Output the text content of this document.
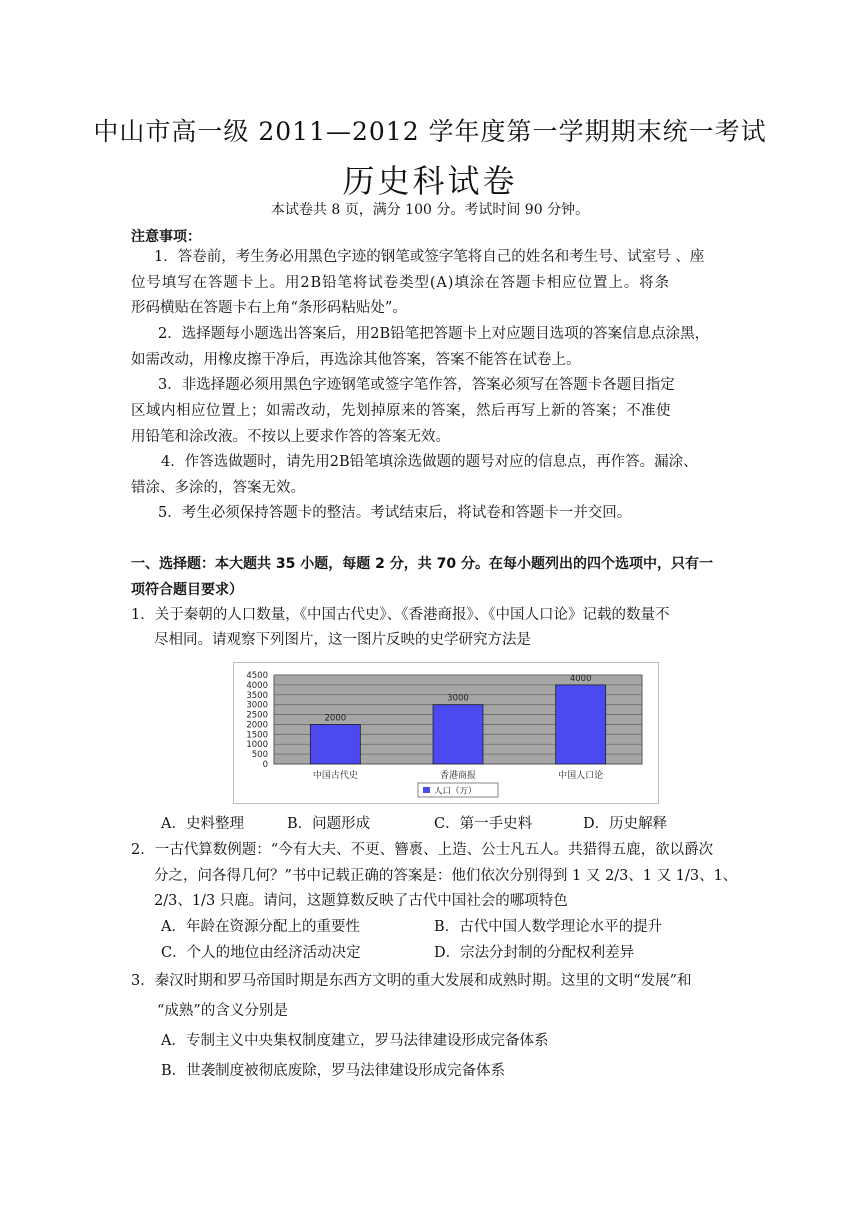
中山市高一级 2011—2012 学年度第一学期期末统一考试
历史科试卷
本试卷共 8 页，满分 100 分。考试时间 90 分钟。
注意事项：
1．答卷前，考生务必用黑色字迹的钢笔或签字笔将自己的姓名和考生号、试室号 、座
位号填写在答题卡上。用2B铅笔将试卷类型(A)填涂在答题卡相应位置上。将条
形码横贴在答题卡右上角“条形码粘贴处”。
2．选择题每小题选出答案后，用2B铅笔把答题卡上对应题目选项的答案信息点涂黑，
如需改动，用橡皮擦干净后，再选涂其他答案，答案不能答在试卷上。
3．非选择题必须用黑色字迹钢笔或签字笔作答，答案必须写在答题卡各题目指定
区域内相应位置上；如需改动，先划掉原来的答案，然后再写上新的答案；不准使
用铅笔和涂改液。不按以上要求作答的答案无效。
4．作答选做题时，请先用2B铅笔填涂选做题的题号对应的信息点，再作答。漏涂、
错涂、多涂的，答案无效。
5．考生必须保持答题卡的整洁。考试结束后，将试卷和答题卡一并交回。
一、选择题：本大题共 35 小题，每题 2 分，共 70 分。在每小题列出的四个选项中，只有一
项符合题目要求）
1．关于秦朝的人口数量，《中国古代史》、《香港商报》、《中国人口论》记载的数量不
尽相同。请观察下列图片，这一图片反映的史学研究方法是
0
500
1000
1500
2000
2500
3000
3500
4000
4500
2000
中国古代史
3000
香港商报
4000
中国人口论
人口（万）
A．史料整理	B．问题形成	C．第一手史料	D．历史解释
2．一古代算数例题：“今有大夫、不更、簪褭、上造、公士凡五人。共猎得五鹿，欲以爵次
分之，问各得几何？”书中记载正确的答案是：他们依次分别得到 1 又 2/3、1 又 1/3、1、
2/3、1/3 只鹿。请问，这题算数反映了古代中国社会的哪项特色
A．年龄在资源分配上的重要性	B．古代中国人数学理论水平的提升
C．个人的地位由经济活动决定	D．宗法分封制的分配权利差异
3．秦汉时期和罗马帝国时期是东西方文明的重大发展和成熟时期。这里的文明“发展”和
“成熟”的含义分别是
A．专制主义中央集权制度建立，罗马法律建设形成完备体系
B．世袭制度被彻底废除，罗马法律建设形成完备体系
